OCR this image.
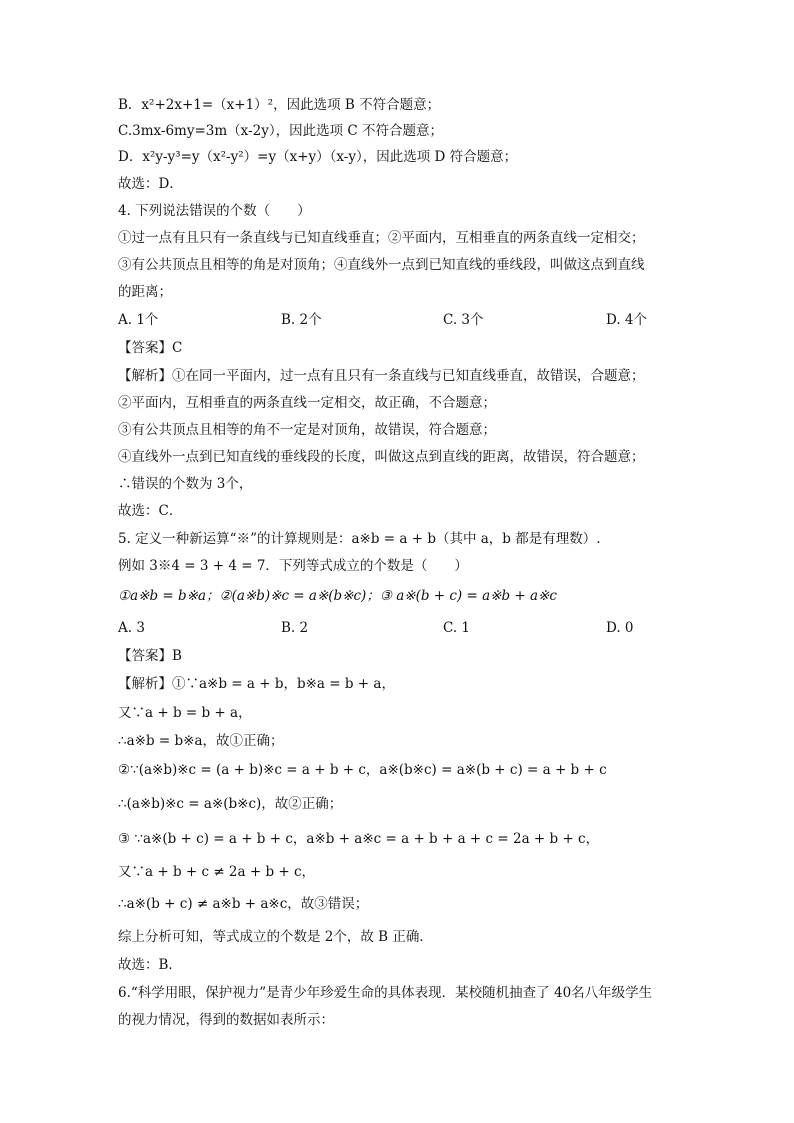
B．x²+2x+1=（x+1）²，因此选项 B 不符合题意；
C.3mx-6my=3m（x-2y），因此选项 C 不符合题意；
D．x²y-y³=y（x²-y²）=y（x+y）（x-y），因此选项 D 符合题意；
故选：D．
4. 下列说法错误的个数（　　）
①过一点有且只有一条直线与已知直线垂直；②平面内，互相垂直的两条直线一定相交；
③有公共顶点且相等的角是对顶角；④直线外一点到已知直线的垂线段，叫做这点到直线
的距离；
A. 1个	B. 2个	C. 3个	D. 4个
【答案】C
【解析】①在同一平面内，过一点有且只有一条直线与已知直线垂直，故错误，合题意；
②平面内，互相垂直的两条直线一定相交，故正确，不合题意；
③有公共顶点且相等的角不一定是对顶角，故错误，符合题意；
④直线外一点到已知直线的垂线段的长度，叫做这点到直线的距离，故错误，符合题意；
∴错误的个数为 3个，
故选：C．
5. 定义一种新运算“※”的计算规则是：a※b = a + b（其中 a，b 都是有理数）.
例如 3※4 = 3 + 4 = 7．下列等式成立的个数是（　　）
①a※b = b※a；②(a※b)※c = a※(b※c)；③ a※(b + c) = a※b + a※c
A. 3	B. 2	C. 1	D. 0
【答案】B
【解析】①∵a※b = a + b，b※a = b + a，
又∵a + b = b + a，
∴a※b = b※a，故①正确；
②∵(a※b)※c = (a + b)※c = a + b + c，a※(b※c) = a※(b + c) = a + b + c
∴(a※b)※c = a※(b※c)，故②正确；
③ ∵a※(b + c) = a + b + c，a※b + a※c = a + b + a + c = 2a + b + c，
又∵a + b + c ≠ 2a + b + c，
∴a※(b + c) ≠ a※b + a※c，故③错误；
综上分析可知，等式成立的个数是 2个，故 B 正确．
故选：B．
6.“科学用眼，保护视力”是青少年珍爱生命的具体表现．某校随机抽查了 40名八年级学生
的视力情况，得到的数据如表所示：
